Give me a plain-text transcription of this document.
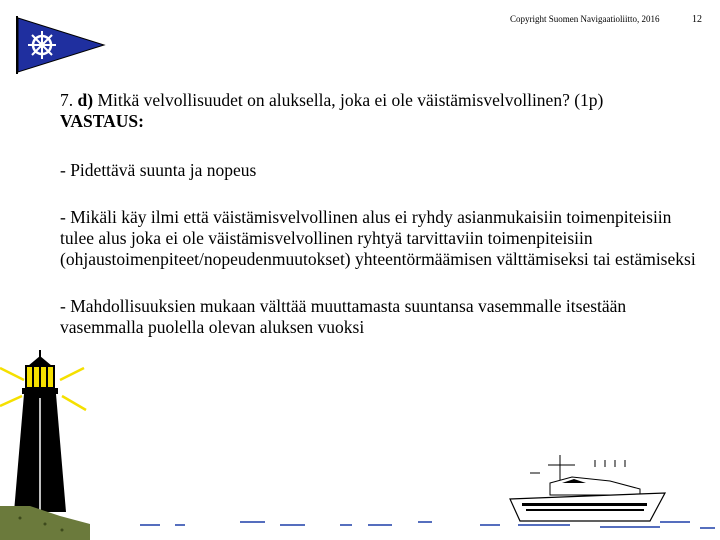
Copyright Suomen Navigaatioliitto, 2016	12

7. d) Mitkä velvollisuudet on aluksella, joka ei ole väistämisvelvollinen? (1p)

VASTAUS:

- Pidettävä suunta ja nopeus

- Mikäli käy ilmi että väistämisvelvollinen alus ei ryhdy asianmukaisiin toimenpiteisiin tulee alus joka ei ole väistämisvelvollinen ryhtyä tarvittaviin toimenpiteisiin (ohjaustoimenpiteet/nopeudenmuutokset) yhteentörmäämisen välttämiseksi tai estämiseksi

- Mahdollisuuksien mukaan välttää muuttamasta suuntansa vasemmalle itsestään vasemmalla puolella olevan aluksen vuoksi
